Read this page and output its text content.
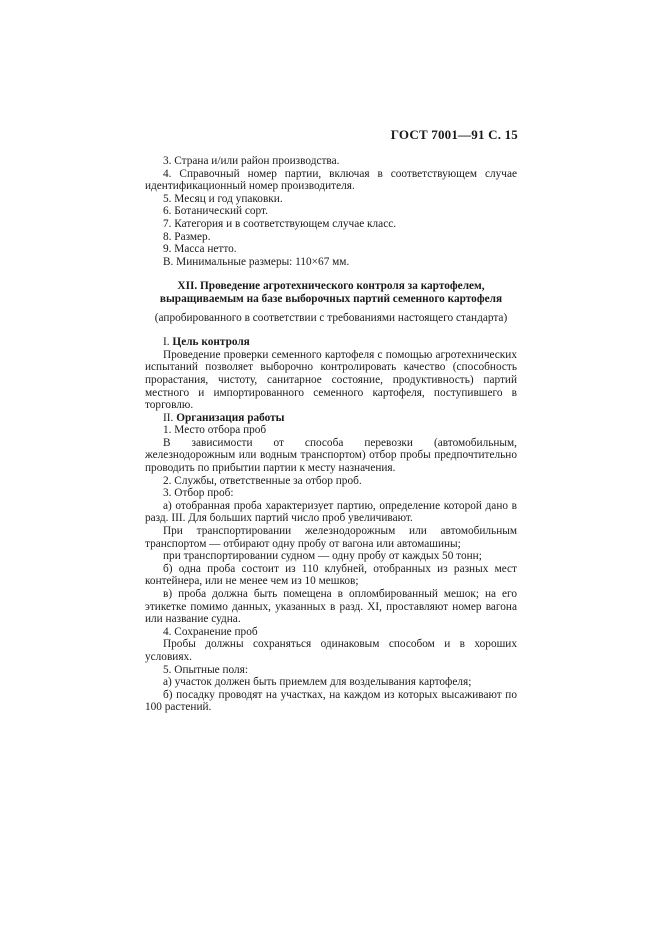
ГОСТ 7001—91 С. 15

3. Страна и/или район производства.

4. Справочный номер партии, включая в соответствующем случае идентификационный номер производителя.

5. Месяц и год упаковки.

6. Ботанический сорт.

7. Категория и в соответствующем случае класс.

8. Размер.

9. Масса нетто.

В. Минимальные размеры: 110×67 мм.

XII. Проведение агротехнического контроля за картофелем, выращиваемым на базе выборочных партий семенного картофеля

(апробированного в соответствии с требованиями настоящего стандарта)

I. Цель контроля

Проведение проверки семенного картофеля с помощью агротехнических испытаний позволяет выборочно контролировать качество (способность прорастания, чистоту, санитарное состояние, продуктивность) партий местного и импортированного семенного картофеля, поступившего в торговлю.

II. Организация работы

1. Место отбора проб

В зависимости от способа перевозки (автомобильным, железнодорожным или водным транспортом) отбор пробы предпочтительно проводить по прибытии партии к месту назначения.

2. Службы, ответственные за отбор проб.

3. Отбор проб:

а) отобранная проба характеризует партию, определение которой дано в разд. III. Для больших партий число проб увеличивают.

При транспортировании железнодорожным или автомобильным транспортом — отбирают одну пробу от вагона или автомашины;

при транспортировании судном — одну пробу от каждых 50 тонн;

б) одна проба состоит из 110 клубней, отобранных из разных мест контейнера, или не менее чем из 10 мешков;

в) проба должна быть помещена в опломбированный мешок; на его этикетке помимо данных, указанных в разд. XI, проставляют номер вагона или название судна.

4. Сохранение проб

Пробы должны сохраняться одинаковым способом и в хороших условиях.

5. Опытные поля:

а) участок должен быть приемлем для возделывания картофеля;

б) посадку проводят на участках, на каждом из которых высаживают по 100 растений.
